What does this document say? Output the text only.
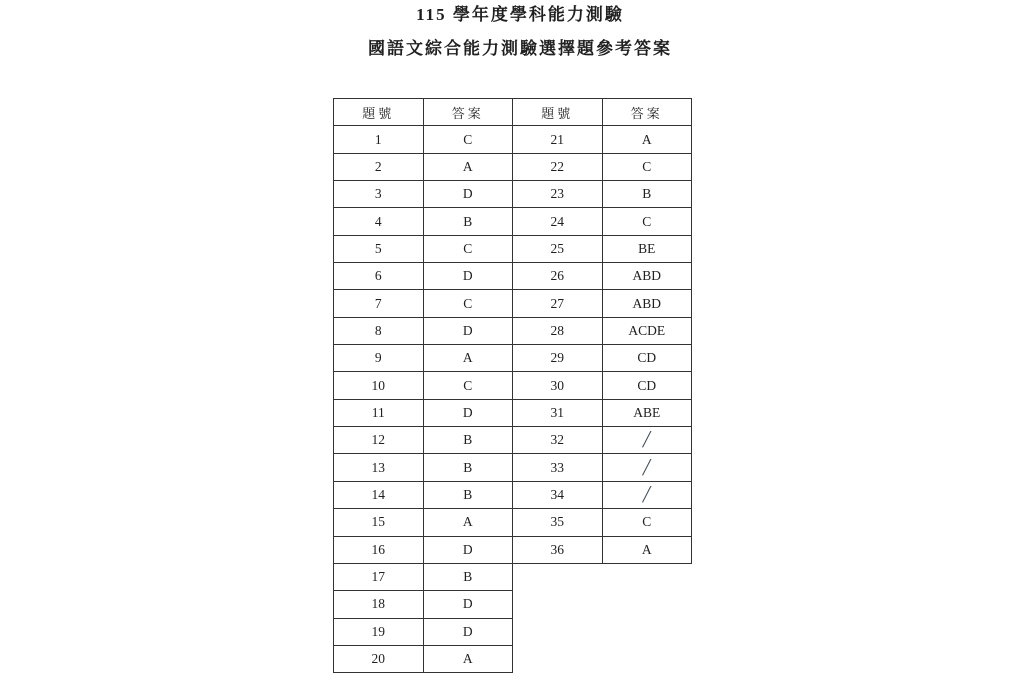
115 學年度學科能力測驗
國語文綜合能力測驗選擇題參考答案
題號	答案	題號	答案
1	C	21	A
2	A	22	C
3	D	23	B
4	B	24	C
5	C	25	BE
6	D	26	ABD
7	C	27	ABD
8	D	28	ACDE
9	A	29	CD
10	C	30	CD
11	D	31	ABE
12	B	32	╱
13	B	33	╱
14	B	34	╱
15	A	35	C
16	D	36	A
17	B		
18	D		
19	D		
20	A		
